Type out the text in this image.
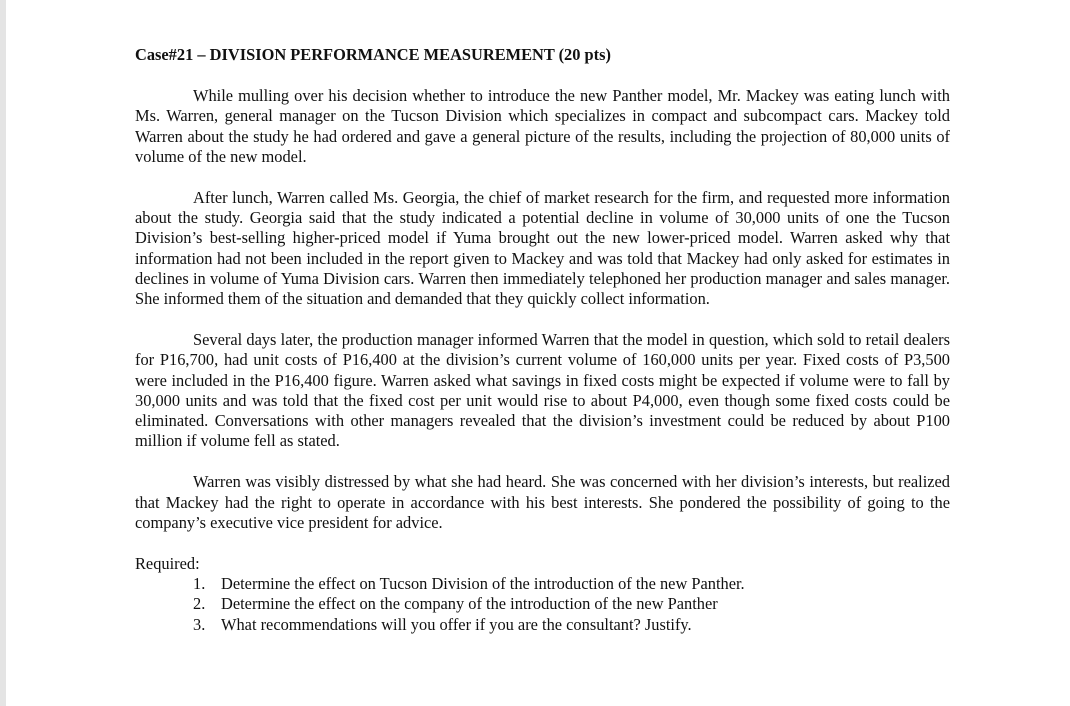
Case#21 – DIVISION PERFORMANCE MEASUREMENT (20 pts)

While mulling over his decision whether to introduce the new Panther model, Mr. Mackey was eating lunch with Ms. Warren, general manager on the Tucson Division which specializes in compact and subcompact cars. Mackey told Warren about the study he had ordered and gave a general picture of the results, including the projection of 80,000 units of volume of the new model.

After lunch, Warren called Ms. Georgia, the chief of market research for the firm, and requested more information about the study. Georgia said that the study indicated a potential decline in volume of 30,000 units of one the Tucson Division’s best-selling higher-priced model if Yuma brought out the new lower-priced model. Warren asked why that information had not been included in the report given to Mackey and was told that Mackey had only asked for estimates in declines in volume of Yuma Division cars. Warren then immediately telephoned her production manager and sales manager. She informed them of the situation and demanded that they quickly collect information.

Several days later, the production manager informed Warren that the model in question, which sold to retail dealers for P16,700, had unit costs of P16,400 at the division’s current volume of 160,000 units per year. Fixed costs of P3,500 were included in the P16,400 figure. Warren asked what savings in fixed costs might be expected if volume were to fall by 30,000 units and was told that the fixed cost per unit would rise to about P4,000, even though some fixed costs could be eliminated. Conversations with other managers revealed that the division’s investment could be reduced by about P100 million if volume fell as stated.

Warren was visibly distressed by what she had heard. She was concerned with her division’s interests, but realized that Mackey had the right to operate in accordance with his best interests. She pondered the possibility of going to the company’s executive vice president for advice.

Required:

1. Determine the effect on Tucson Division of the introduction of the new Panther.
2. Determine the effect on the company of the introduction of the new Panther
3. What recommendations will you offer if you are the consultant? Justify.
